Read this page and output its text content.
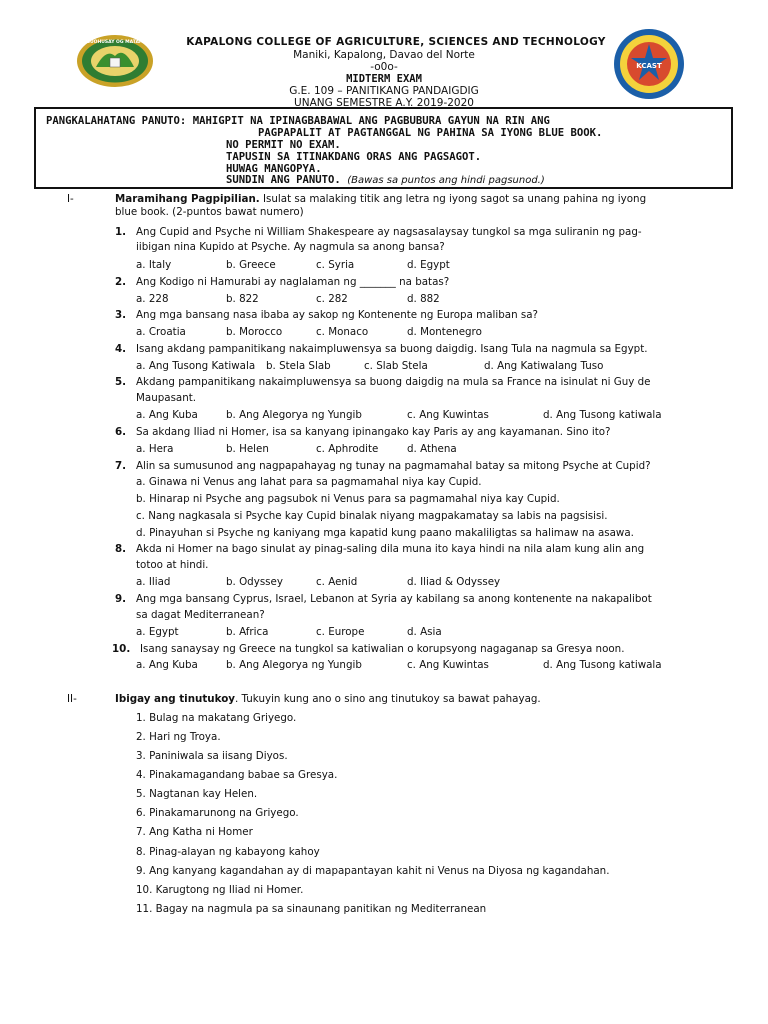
BUOHUSAY OG MATAM
KCAST
KAPALONG COLLEGE OF AGRICULTURE, SCIENCES AND TECHNOLOGY
Maniki, Kapalong, Davao del Norte
-o0o-
MIDTERM EXAM
G.E. 109 – PANITIKANG PANDAIGDIG
UNANG SEMESTRE A.Y. 2019-2020
PANGKALAHATANG PANUTO: MAHIGPIT NA IPINAGBABAWAL ANG PAGBUBURA GAYUN NA RIN ANG
PAGPAPALIT AT PAGTANGGAL NG PAHINA SA IYONG BLUE BOOK.
NO PERMIT NO EXAM.
TAPUSIN SA ITINAKDANG ORAS ANG PAGSAGOT.
HUWAG MANGOPYA.
SUNDIN ANG PANUTO. (Bawas sa puntos ang hindi pagsunod.)
I-	Maramihang Pagpipilian. Isulat sa malaking titik ang letra ng iyong sagot sa unang pahina ng iyong
blue book. (2-puntos bawat numero)
1. Ang Cupid and Psyche ni William Shakespeare ay nagsasalaysay tungkol sa mga suliranin ng pag-
iibigan nina Kupido at Psyche. Ay nagmula sa anong bansa?
a. Italy	b. Greece	c. Syria	d. Egypt
2. Ang Kodigo ni Hamurabi ay naglalaman ng _______ na batas?
a. 228	b. 822	c. 282	d. 882
3. Ang mga bansang nasa ibaba ay sakop ng Kontenente ng Europa maliban sa?
a. Croatia	b. Morocco	c. Monaco	d. Montenegro
4. Isang akdang pampanitikang nakaimpluwensya sa buong daigdig. Isang Tula na nagmula sa Egypt.
a. Ang Tusong Katiwala b. Stela Slab	c. Slab Stela	d. Ang Katiwalang Tuso
5. Akdang pampanitikang nakaimpluwensya sa buong daigdig na mula sa France na isinulat ni Guy de
Maupasant.
a. Ang Kuba	b. Ang Alegorya ng Yungib	c. Ang Kuwintas	d. Ang Tusong katiwala
6. Sa akdang Iliad ni Homer, isa sa kanyang ipinangako kay Paris ay ang kayamanan. Sino ito?
a. Hera	b. Helen	c. Aphrodite	d. Athena
7. Alin sa sumusunod ang nagpapahayag ng tunay na pagmamahal batay sa mitong Psyche at Cupid?
a. Ginawa ni Venus ang lahat para sa pagmamahal niya kay Cupid.
b. Hinarap ni Psyche ang pagsubok ni Venus para sa pagmamahal niya kay Cupid.
c. Nang nagkasala si Psyche kay Cupid binalak niyang magpakamatay sa labis na pagsisisi.
d. Pinayuhan si Psyche ng kaniyang mga kapatid kung paano makaliligtas sa halimaw na asawa.
8. Akda ni Homer na bago sinulat ay pinag-saling dila muna ito kaya hindi na nila alam kung alin ang
totoo at hindi.
a. Iliad	b. Odyssey	c. Aenid	d. Iliad & Odyssey
9. Ang mga bansang Cyprus, Israel, Lebanon at Syria ay kabilang sa anong kontenente na nakapalibot
sa dagat Mediterranean?
a. Egypt	b. Africa	c. Europe	d. Asia
10. Isang sanaysay ng Greece na tungkol sa katiwalian o korupsyong nagaganap sa Gresya noon.
a. Ang Kuba	b. Ang Alegorya ng Yungib	c. Ang Kuwintas	d. Ang Tusong katiwala
II-	Ibigay ang tinutukoy. Tukuyin kung ano o sino ang tinutukoy sa bawat pahayag.
1. Bulag na makatang Griyego.
2. Hari ng Troya.
3. Paniniwala sa iisang Diyos.
4. Pinakamagandang babae sa Gresya.
5. Nagtanan kay Helen.
6. Pinakamarunong na Griyego.
7. Ang Katha ni Homer
8. Pinag-alayan ng kabayong kahoy
9. Ang kanyang kagandahan ay di mapapantayan kahit ni Venus na Diyosa ng kagandahan.
10. Karugtong ng Iliad ni Homer.
11. Bagay na nagmula pa sa sinaunang panitikan ng Mediterranean
